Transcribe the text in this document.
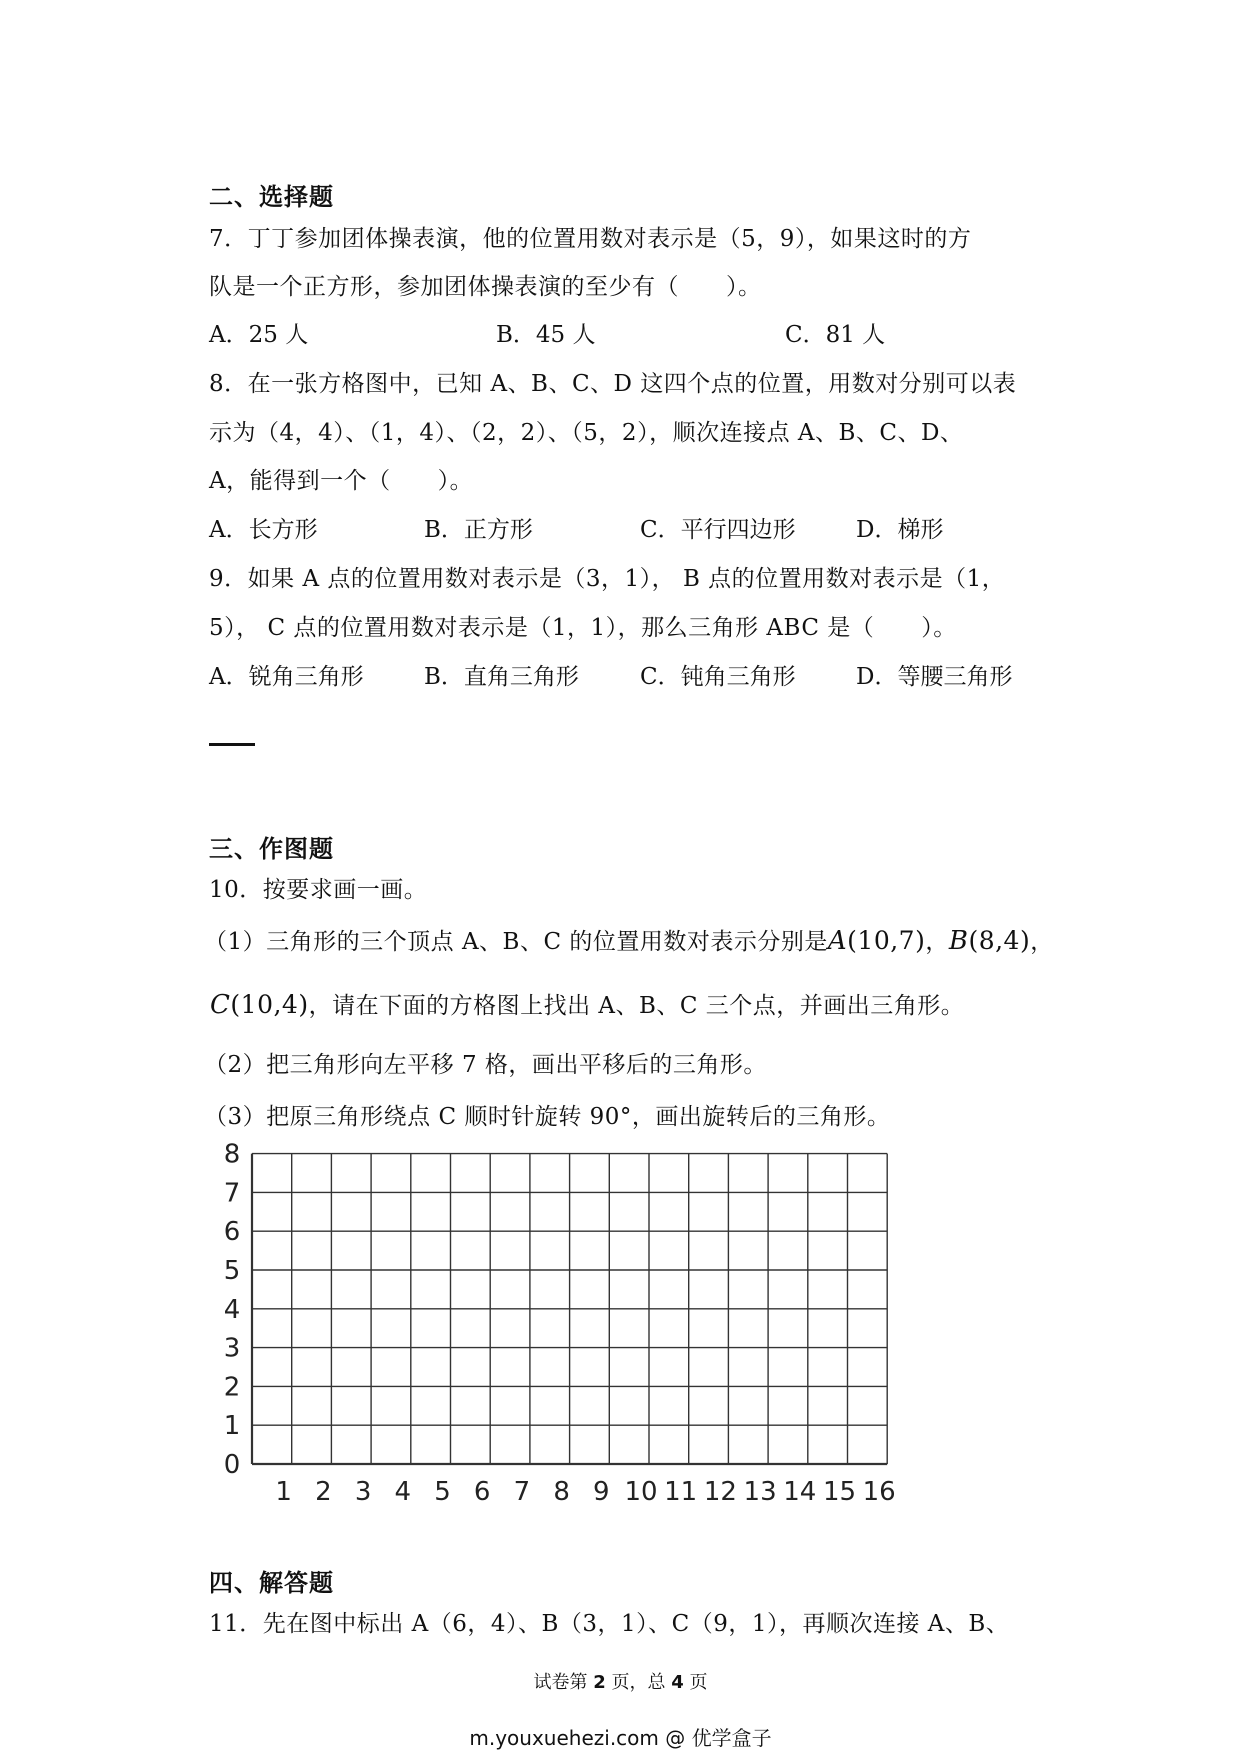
二、选择题
7．丁丁参加团体操表演，他的位置用数对表示是（5，9），如果这时的方
队是一个正方形，参加团体操表演的至少有（　　）。
A．25 人	B．45 人	C．81 人
8．在一张方格图中，已知 A、B、C、D 这四个点的位置，用数对分别可以表
示为（4，4）、（1，4）、（2，2）、（5，2），顺次连接点 A、B、C、D、
A，能得到一个（　　）。
A．长方形	B．正方形	C．平行四边形	D．梯形
9．如果 A 点的位置用数对表示是（3，1）， B 点的位置用数对表示是（1，
5）， C 点的位置用数对表示是（1，1），那么三角形 ABC 是（　　）。
A．锐角三角形	B．直角三角形	C．钝角三角形	D．等腰三角形
三、作图题
10．按要求画一画。
（1）三角形的三个顶点 A、B、C 的位置用数对表示分别是A(10,7)，B(8,4)，
C(10,4)，请在下面的方格图上找出 A、B、C 三个点，并画出三角形。
（2）把三角形向左平移 7 格，画出平移后的三角形。
（3）把原三角形绕点 C 顺时针旋转 90°，画出旋转后的三角形。
0
1
2
3
4
5
6
7
8
1 2 3 4 5 6 7 8 9 10 11 12 13 14 15 16
四、解答题
11．先在图中标出 A（6，4）、B（3，1）、C（9，1），再顺次连接 A、B、
试卷第 2 页，总 4 页
m.youxuehezi.com @ 优学盒子
